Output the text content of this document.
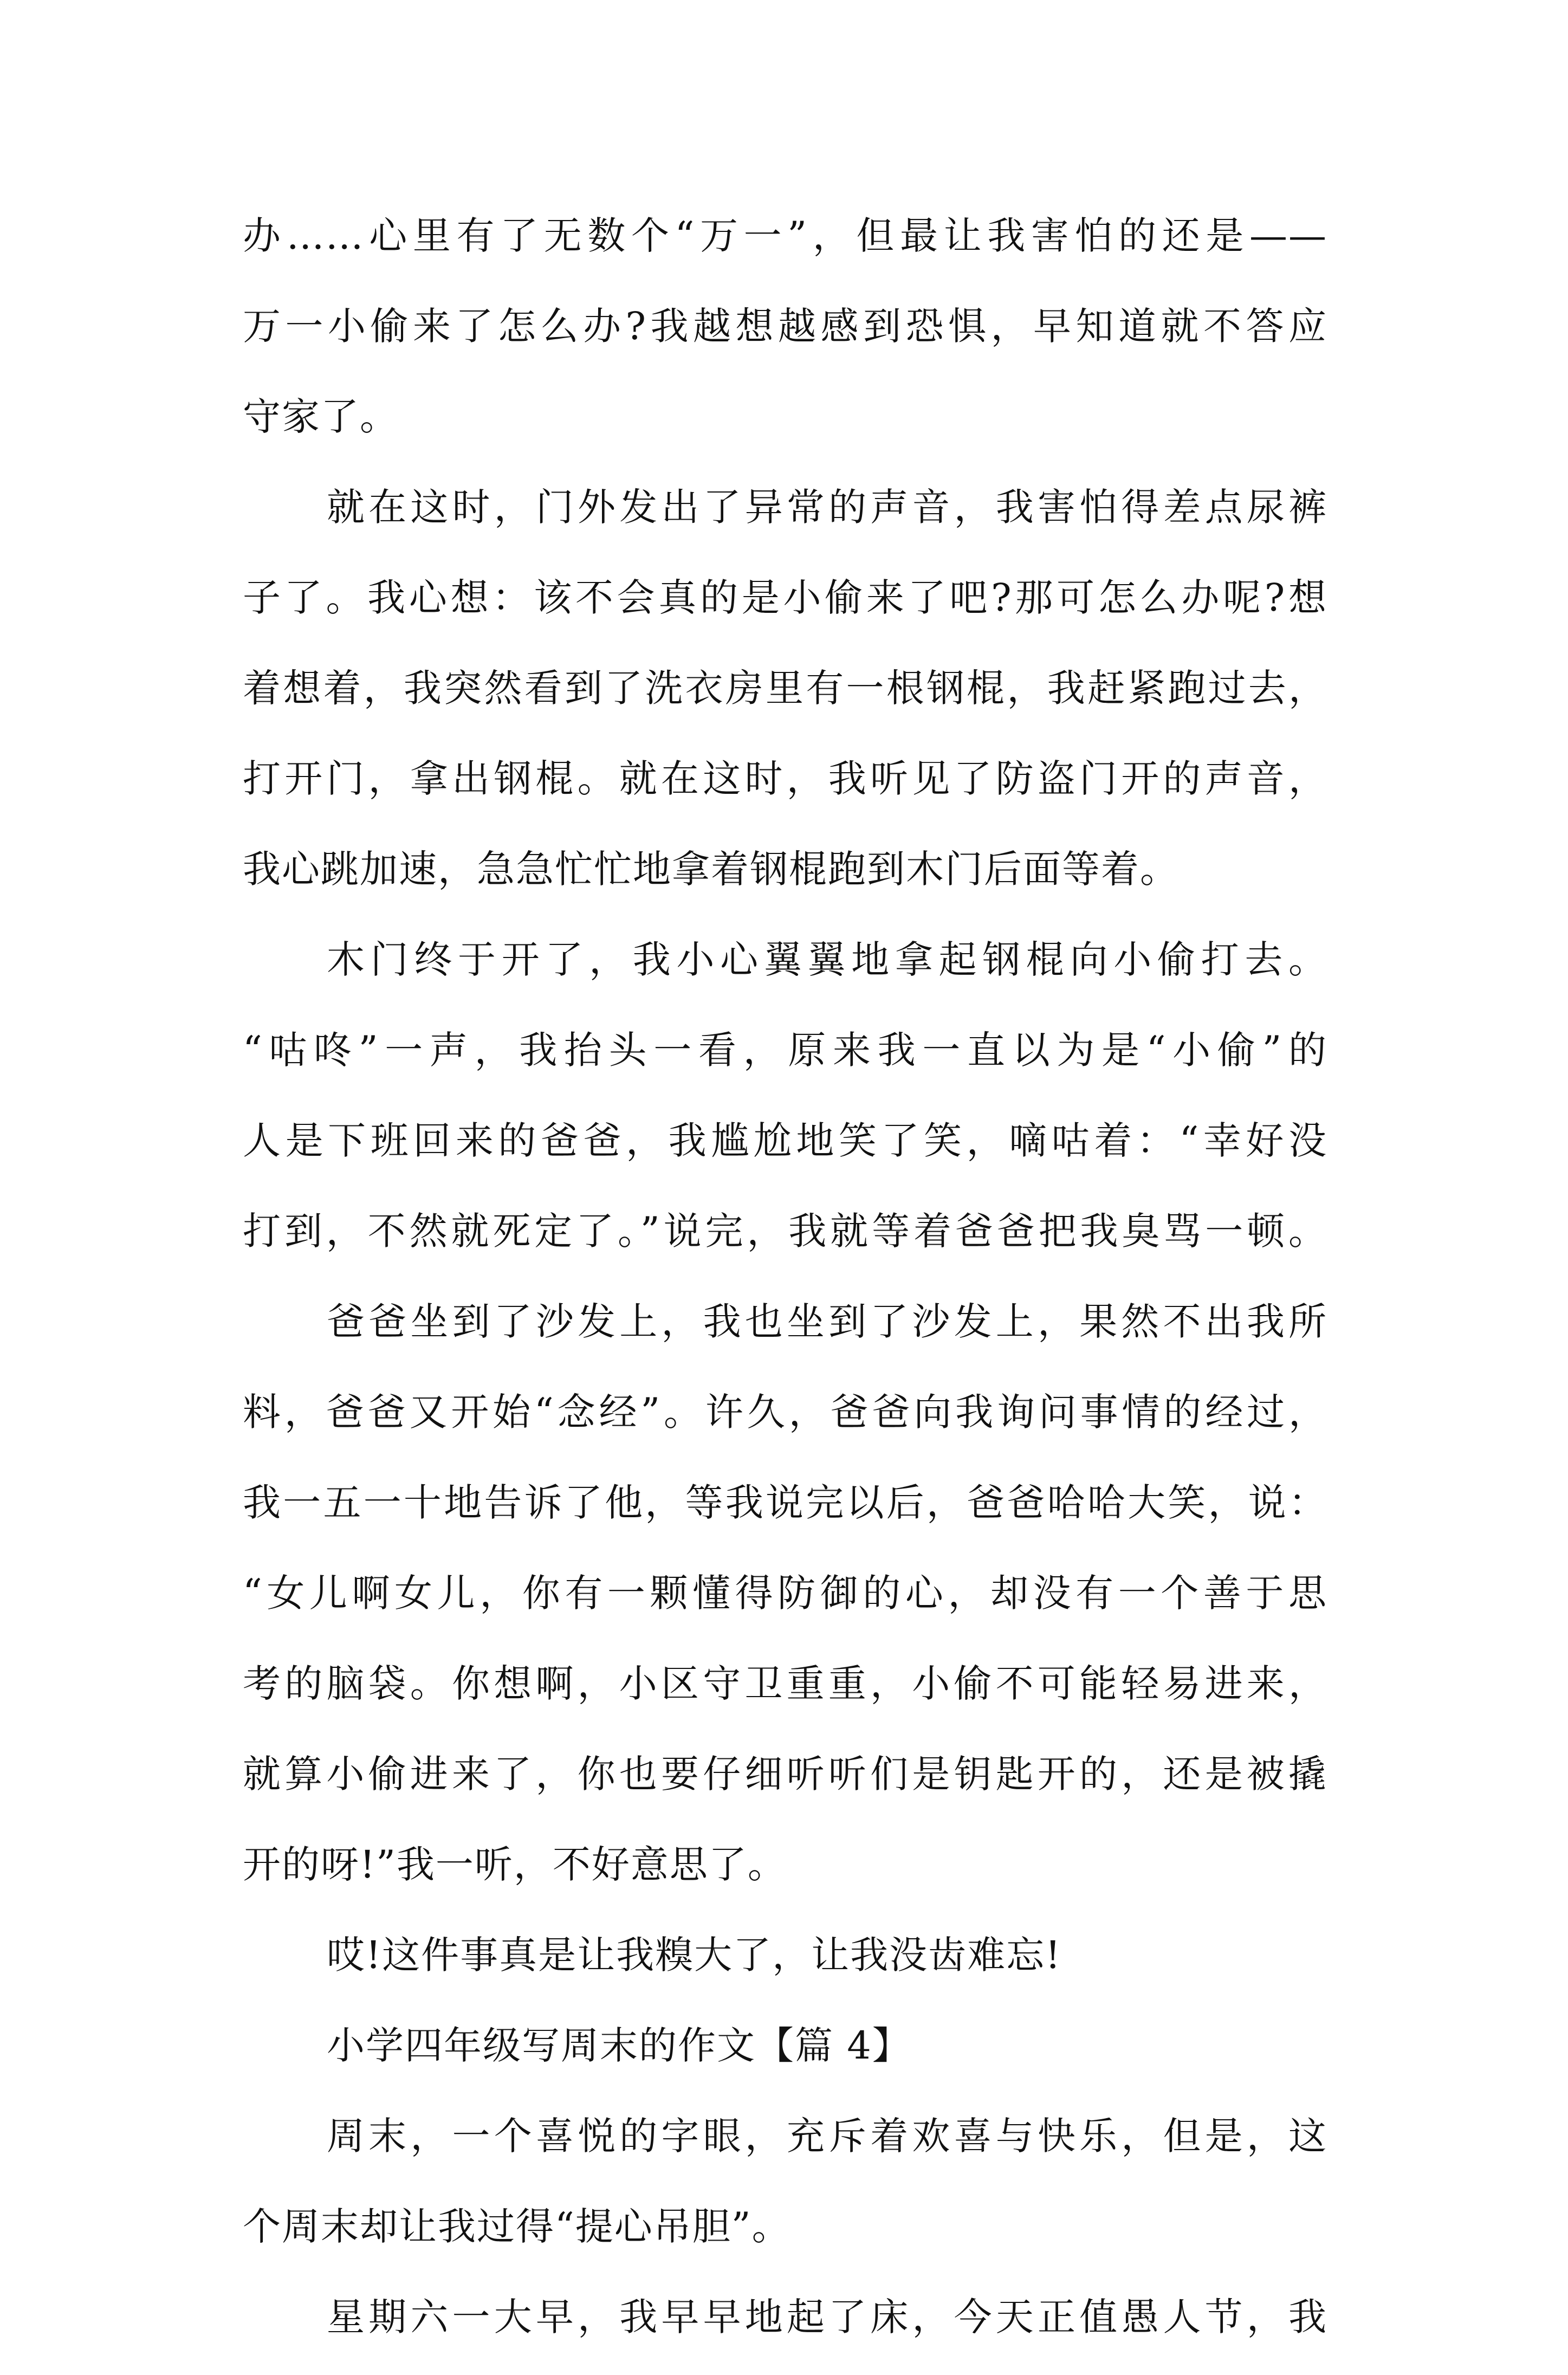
办……心里有了无数个“万一”，但最让我害怕的还是——
万一小偷来了怎么办?我越想越感到恐惧，早知道就不答应
守家了。
就在这时，门外发出了异常的声音，我害怕得差点尿裤
子了。我心想：该不会真的是小偷来了吧?那可怎么办呢?想
着想着，我突然看到了洗衣房里有一根钢棍，我赶紧跑过去，
打开门，拿出钢棍。就在这时，我听见了防盗门开的声音，
我心跳加速，急急忙忙地拿着钢棍跑到木门后面等着。
木门终于开了，我小心翼翼地拿起钢棍向小偷打去。
“咕咚”一声，我抬头一看，原来我一直以为是“小偷”的
人是下班回来的爸爸，我尴尬地笑了笑，嘀咕着：“幸好没
打到，不然就死定了。”说完，我就等着爸爸把我臭骂一顿。
爸爸坐到了沙发上，我也坐到了沙发上，果然不出我所
料，爸爸又开始“念经”。许久，爸爸向我询问事情的经过，
我一五一十地告诉了他，等我说完以后，爸爸哈哈大笑，说：
“女儿啊女儿，你有一颗懂得防御的心，却没有一个善于思
考的脑袋。你想啊，小区守卫重重，小偷不可能轻易进来，
就算小偷进来了，你也要仔细听听们是钥匙开的，还是被撬
开的呀!”我一听，不好意思了。
哎!这件事真是让我糗大了，让我没齿难忘!
小学四年级写周末的作文【篇 4】
周末，一个喜悦的字眼，充斥着欢喜与快乐，但是，这
个周末却让我过得“提心吊胆”。
星期六一大早，我早早地起了床，今天正值愚人节，我
